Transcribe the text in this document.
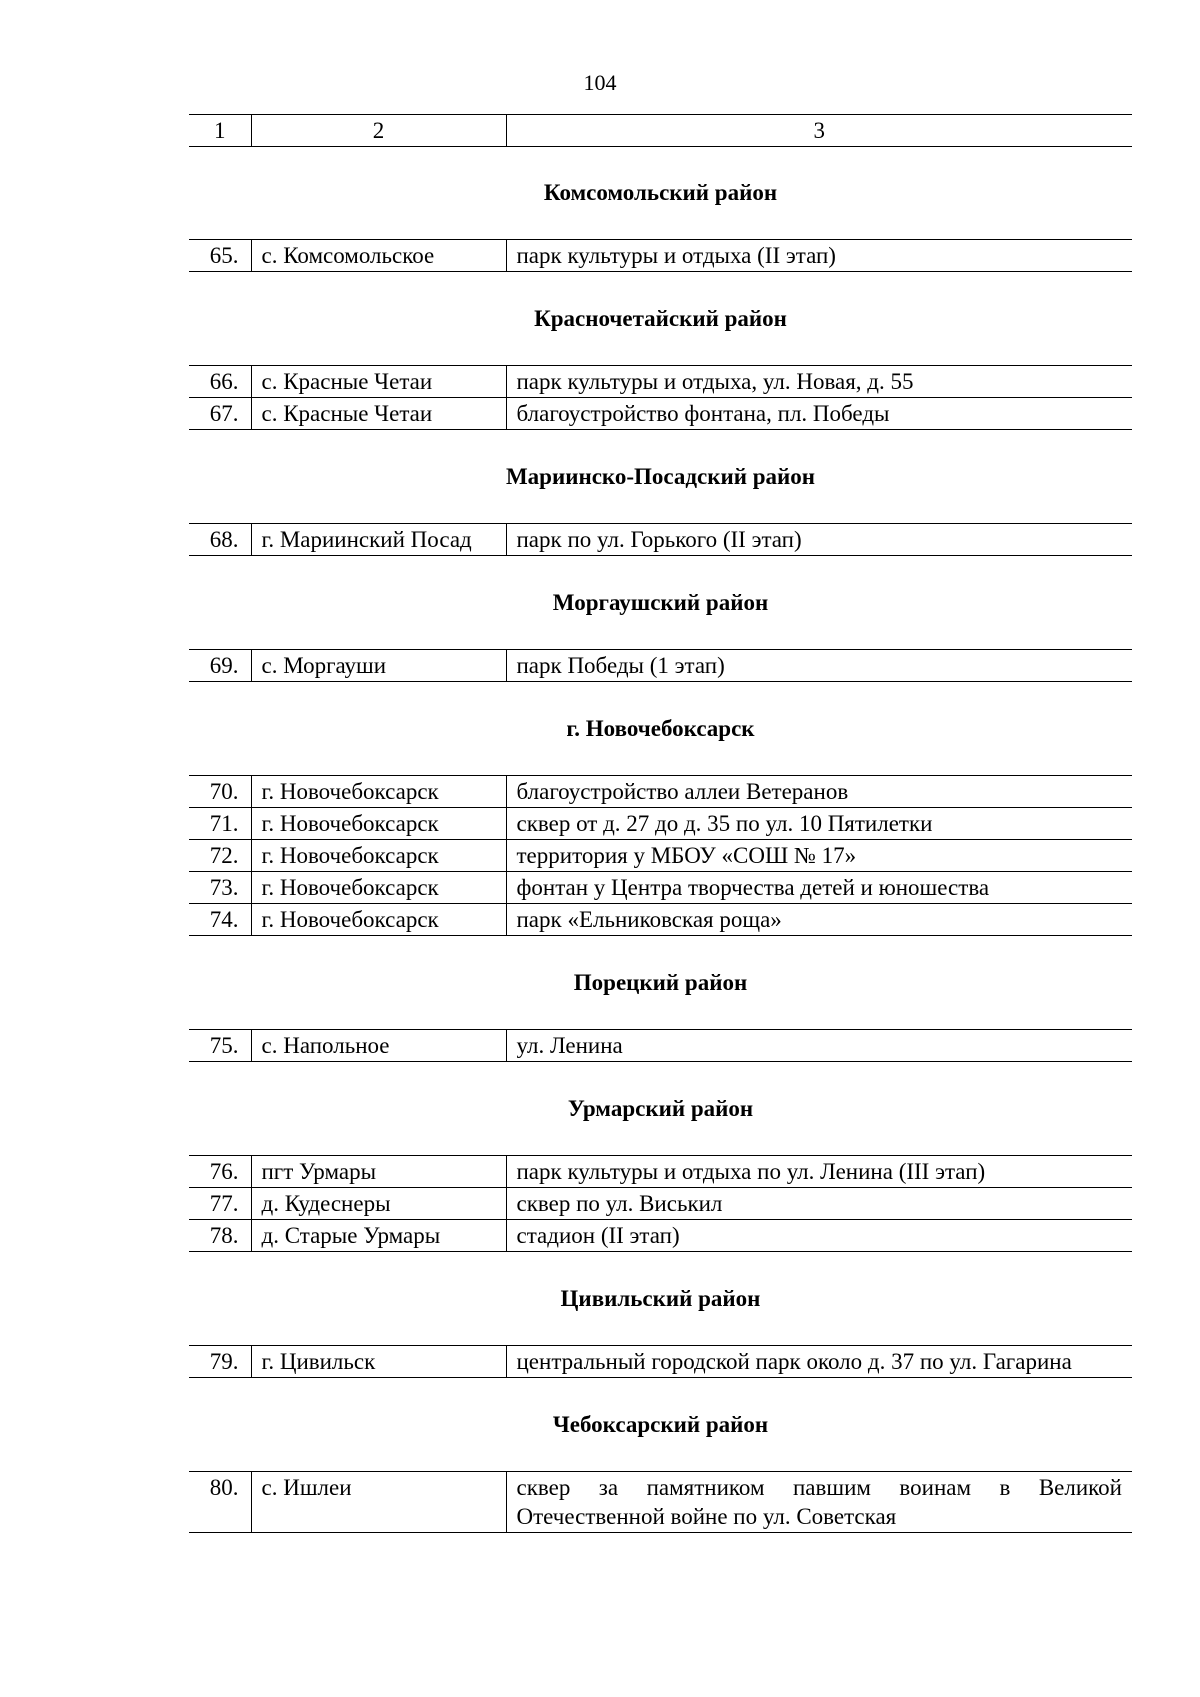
104
1	2	3
Комсомольский район
65.	с. Комсомольское	парк культуры и отдыха (II этап)
Красночетайский район
66.	с. Красные Четаи	парк культуры и отдыха, ул. Новая, д. 55
67.	с. Красные Четаи	благоустройство фонтана, пл. Победы
Мариинско-Посадский район
68.	г. Мариинский Посад	парк по ул. Горького (II этап)
Моргаушский район
69.	с. Моргауши	парк Победы (1 этап)
г. Новочебоксарск
70.	г. Новочебоксарск	благоустройство аллеи Ветеранов
71.	г. Новочебоксарск	сквер от д. 27 до д. 35 по ул. 10 Пятилетки
72.	г. Новочебоксарск	территория у МБОУ «СОШ № 17»
73.	г. Новочебоксарск	фонтан у Центра творчества детей и юношества
74.	г. Новочебоксарск	парк «Ельниковская роща»
Порецкий район
75.	с. Напольное	ул. Ленина
Урмарский район
76.	пгт Урмары	парк культуры и отдыха по ул. Ленина (III этап)
77.	д. Кудеснеры	сквер по ул. Виськил
78.	д. Старые Урмары	стадион (II этап)
Цивильский район
79.	г. Цивильск	центральный городской парк около д. 37 по ул. Гагарина
Чебоксарский район
80.	с. Ишлеи	сквер за памятником павшим воинам в Великой Отечественной войне по ул. Советская
